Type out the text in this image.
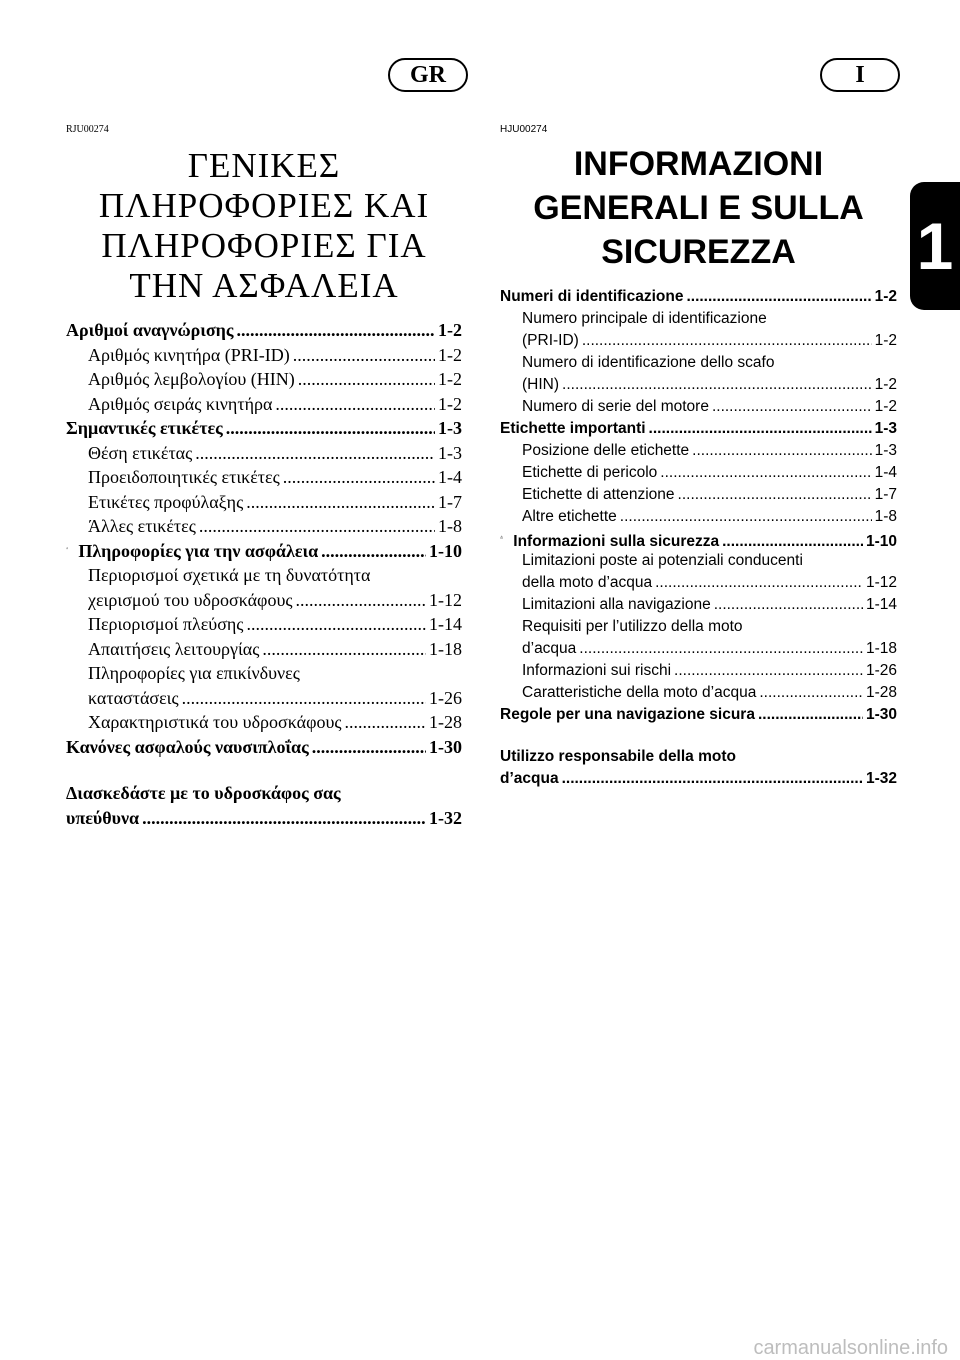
GR	I
1
RJU00274
ΓΕΝΙΚΕΣ
ΠΛΗΡΟΦΟΡΙΕΣ ΚΑΙ
ΠΛΗΡΟΦΟΡΙΕΣ ΓΙΑ
ΤΗΝ ΑΣΦΑΛΕΙΑ
Αριθμοί αναγνώρισης .....	1-2
Αριθμός κινητήρα (PRI-ID) .....	1-2
Αριθμός λεμβολογίου (HIN) .....	1-2
Αριθμός σειράς κινητήρα .....	1-2
Σημαντικές ετικέτες .....	1-3
Θέση ετικέτας .....	1-3
Προειδοποιητικές ετικέτες .....	1-4
Ετικέτες προφύλαξης .....	1-7
Άλλες ετικέτες .....	1-8
Πληροφορίες για την ασφάλεια .....	1-10
Περιορισμοί σχετικά με τη δυνατότητα
χειρισμού του υδροσκάφους .....	1-12
Περιορισμοί πλεύσης .....	1-14
Απαιτήσεις λειτουργίας .....	1-18
Πληροφορίες για επικίνδυνες
καταστάσεις .....	1-26
Χαρακτηριστικά του υδροσκάφους .....	1-28
Κανόνες ασφαλούς ναυσιπλοΐας .....	1-30
Διασκεδάστε με το υδροσκάφος σας
υπεύθυνα .....	1-32
HJU00274
INFORMAZIONI
GENERALI E SULLA
SICUREZZA
Numeri di identificazione .....	1-2
Numero principale di identificazione
(PRI-ID) .....	1-2
Numero di identificazione dello scafo
(HIN) .....	1-2
Numero di serie del motore .....	1-2
Etichette importanti .....	1-3
Posizione delle etichette .....	1-3
Etichette di pericolo .....	1-4
Etichette di attenzione .....	1-7
Altre etichette .....	1-8
Informazioni sulla sicurezza .....	1-10
Limitazioni poste ai potenziali conducenti
della moto d’acqua .....	1-12
Limitazioni alla navigazione .....	1-14
Requisiti per l’utilizzo della moto
d’acqua .....	1-18
Informazioni sui rischi .....	1-26
Caratteristiche della moto d’acqua .....	1-28
Regole per una navigazione sicura .....	1-30
Utilizzo responsabile della moto
d’acqua .....	1-32
carmanualsonline.info
